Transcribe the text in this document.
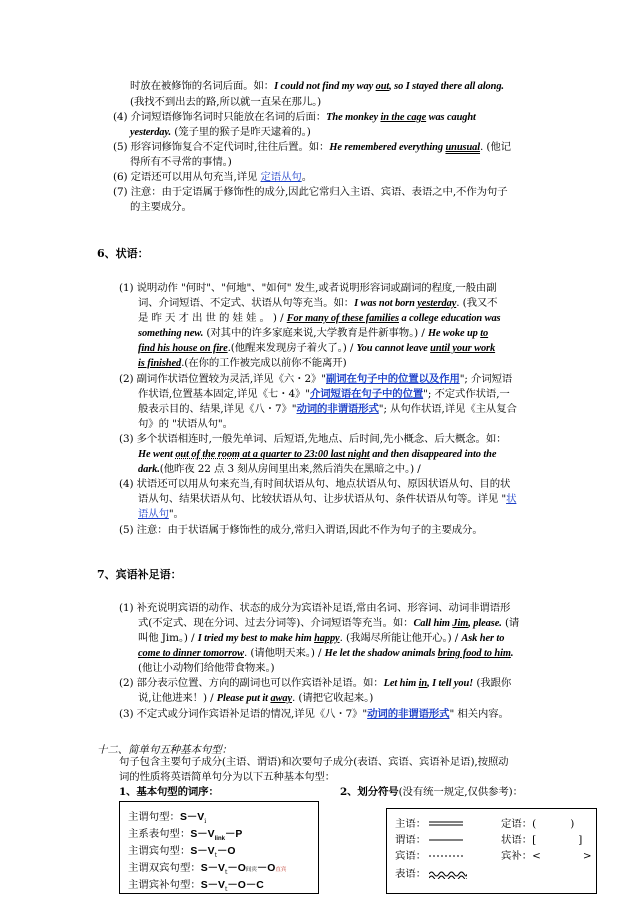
时放在被修饰的名词后面。如：I could not find my way out, so I stayed there all along.
(我找不到出去的路,所以就一直呆在那儿。)
(4) 介词短语修饰名词时只能放在名词的后面：The monkey in the cage was caught
yesterday. (笼子里的猴子是昨天逮着的。)
(5) 形容词修饰复合不定代词时,往往后置。如：He remembered everything unusual. (他记
得所有不寻常的事情。)
(6) 定语还可以用从句充当,详见 定语从句。
(7) 注意：由于定语属于修饰性的成分,因此它常归入主语、宾语、表语之中,不作为句子
的主要成分。
6、状语：
(1) 说明动作 "何时"、"何地"、"如何" 发生,或者说明形容词或副词的程度,一般由副
词、介词短语、不定式、状语从句等充当。如：I was not born yesterday. (我又不
是 昨 天 才 出 世 的 娃 娃 。 ) / For many of these families a college education was
something new. (对其中的许多家庭来说,大学教育是件新事物。) / He woke up to
find his house on fire.(他醒来发现房子着火了。) / You cannot leave until your work
is finished.(在你的工作被完成以前你不能离开)
(2) 副词作状语位置较为灵活,详见《六・2》"副词在句子中的位置以及作用"; 介词短语
作状语,位置基本固定,详见《七・4》"介词短语在句子中的位置"; 不定式作状语,一
般表示目的、结果,详见《八・7》"动词的非谓语形式"; 从句作状语,详见《主从复合
句》的 "状语从句"。
(3) 多个状语相连时,一般先单词、后短语,先地点、后时间,先小概念、后大概念。如：
He went out of the room at a quarter to 23:00 last night and then disappeared into the
dark.(他昨夜 22 点 3 刻从房间里出来,然后消失在黑暗之中。) /
(4) 状语还可以用从句来充当,有时间状语从句、地点状语从句、原因状语从句、目的状
语从句、结果状语从句、比较状语从句、让步状语从句、条件状语从句等。详见 "状
语从句"。
(5) 注意：由于状语属于修饰性的成分,常归入谓语,因此不作为句子的主要成分。
7、宾语补足语：
(1) 补充说明宾语的动作、状态的成分为宾语补足语,常由名词、形容词、动词非谓语形
式(不定式、现在分词、过去分词等)、介词短语等充当。如：Call him Jim, please. (请
叫他 Jim。) / I tried my best to make him happy. (我竭尽所能让他开心。) / Ask her to
come to dinner tomorrow. (请他明天来。) / He let the shadow animals bring food to him.
(他让小动物们给他带食物来。)
(2) 部分表示位置、方向的副词也可以作宾语补足语。如：Let him in, I tell you! (我跟你
说,让他进来！) / Please put it away. (请把它收起来。)
(3) 不定式或分词作宾语补足语的情况,详见《八・7》"动词的非谓语形式" 相关内容。
十二、简单句五种基本句型：
句子包含主要句子成分(主语、谓语)和次要句子成分(表语、宾语、宾语补足语),按照动
词的性质将英语简单句分为以下五种基本句型：
1、基本句型的词序：	2、划分符号(没有统一规定,仅供参考)：
主谓句型：$S-V_i$
主系表句型：$S-V_{link}-P$
主谓宾句型：$S-V_t-O$
主谓双宾句型：$S-V_t-O$间宾－O直宾
主谓宾补句型：$S-V_t-O-C$
主语：	定语：(	)
谓语：	状语：[	]
宾语：	宾补：<	>
表语：
